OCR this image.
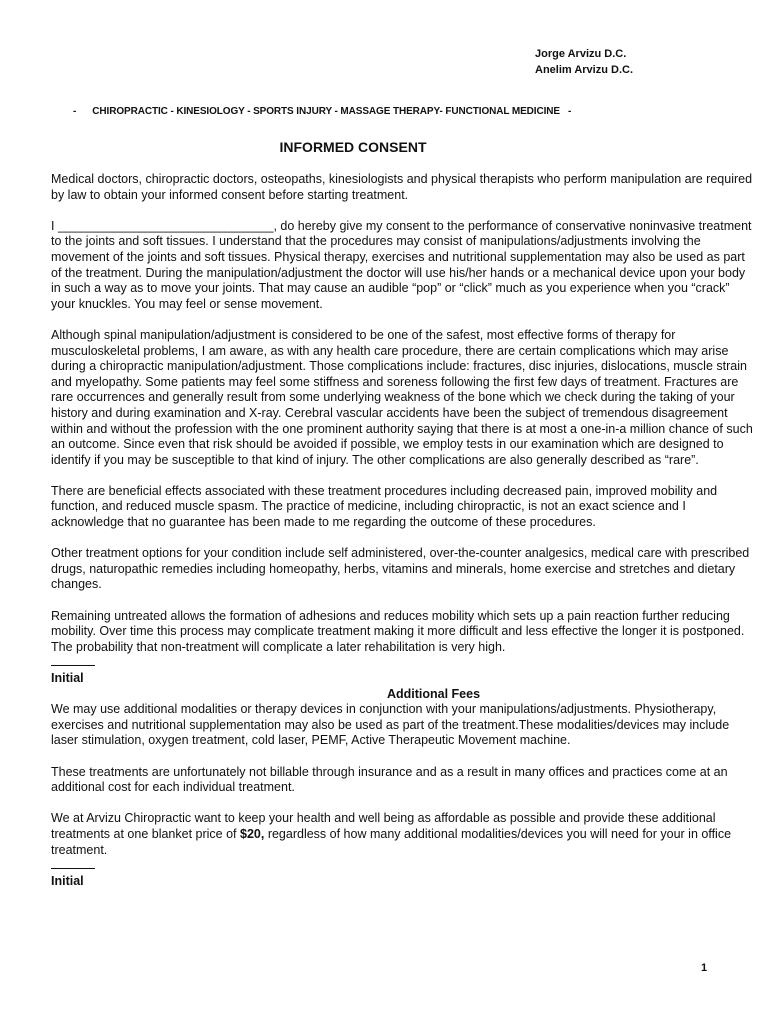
Jorge Arvizu D.C.
Anelim Arvizu D.C.
-      CHIROPRACTIC - KINESIOLOGY - SPORTS INJURY - MASSAGE THERAPY- FUNCTIONAL MEDICINE   -
INFORMED CONSENT

Medical doctors, chiropractic doctors, osteopaths, kinesiologists and physical therapists who perform manipulation are required by law to obtain your informed consent before starting treatment.

I _______________________________, do hereby give my consent to the performance of conservative noninvasive treatment to the joints and soft tissues. I understand that the procedures may consist of manipulations/adjustments involving the movement of the joints and soft tissues. Physical therapy, exercises and nutritional supplementation may also be used as part of the treatment. During the manipulation/adjustment the doctor will use his/her hands or a mechanical device upon your body in such a way as to move your joints. That may cause an audible “pop” or “click” much as you experience when you “crack” your knuckles. You may feel or sense movement.

Although spinal manipulation/adjustment is considered to be one of the safest, most effective forms of therapy for musculoskeletal problems, I am aware, as with any health care procedure, there are certain complications which may arise during a chiropractic manipulation/adjustment. Those complications include: fractures, disc injuries, dislocations, muscle strain and myelopathy. Some patients may feel some stiffness and soreness following the first few days of treatment. Fractures are rare occurrences and generally result from some underlying weakness of the bone which we check during the taking of your history and during examination and X-ray. Cerebral vascular accidents have been the subject of tremendous disagreement within and without the profession with the one prominent authority saying that there is at most a one-in-a million chance of such an outcome. Since even that risk should be avoided if possible, we employ tests in our examination which are designed to identify if you may be susceptible to that kind of injury. The other complications are also generally described as “rare”.

There are beneficial effects associated with these treatment procedures including decreased pain, improved mobility and function, and reduced muscle spasm. The practice of medicine, including chiropractic, is not an exact science and I acknowledge that no guarantee has been made to me regarding the outcome of these procedures.

Other treatment options for your condition include self administered, over-the-counter analgesics, medical care with prescribed drugs, naturopathic remedies including homeopathy, herbs, vitamins and minerals, home exercise and stretches and dietary changes.

Remaining untreated allows the formation of adhesions and reduces mobility which sets up a pain reaction further reducing mobility. Over time this process may complicate treatment making it more difficult and less effective the longer it is postponed. The probability that non-treatment will complicate a later rehabilitation is very high.

Initial
Additional Fees

We may use additional modalities or therapy devices in conjunction with your manipulations/adjustments. Physiotherapy, exercises and nutritional supplementation may also be used as part of the treatment.These modalities/devices may include laser stimulation, oxygen treatment, cold laser, PEMF, Active Therapeutic Movement machine.

These treatments are unfortunately not billable through insurance and as a result in many offices and practices come at an additional cost for each individual treatment.

We at Arvizu Chiropractic want to keep your health and well being as affordable as possible and provide these additional treatments at one blanket price of $20, regardless of how many additional modalities/devices you will need for your in office treatment.

Initial
1
